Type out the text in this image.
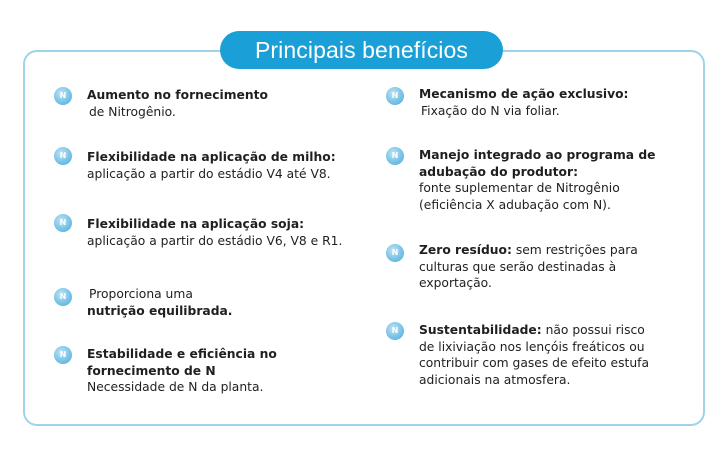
Principais benefícios
N	Aumento no fornecimento
de Nitrogênio.
N	Flexibilidade na aplicação de milho:
aplicação a partir do estádio V4 até V8.
N	Flexibilidade na aplicação soja:
aplicação a partir do estádio V6, V8 e R1.
N	Proporciona uma
nutrição equilibrada.
N	Estabilidade e eficiência no
fornecimento de N
Necessidade de N da planta.
N	Mecanismo de ação exclusivo:
Fixação do N via foliar.
N	Manejo integrado ao programa de
adubação do produtor:
fonte suplementar de Nitrogênio
(eficiência X adubação com N).
N	Zero resíduo: sem restrições para
culturas que serão destinadas à
exportação.
N	Sustentabilidade: não possui risco
de lixiviação nos lençóis freáticos ou
contribuir com gases de efeito estufa
adicionais na atmosfera.
